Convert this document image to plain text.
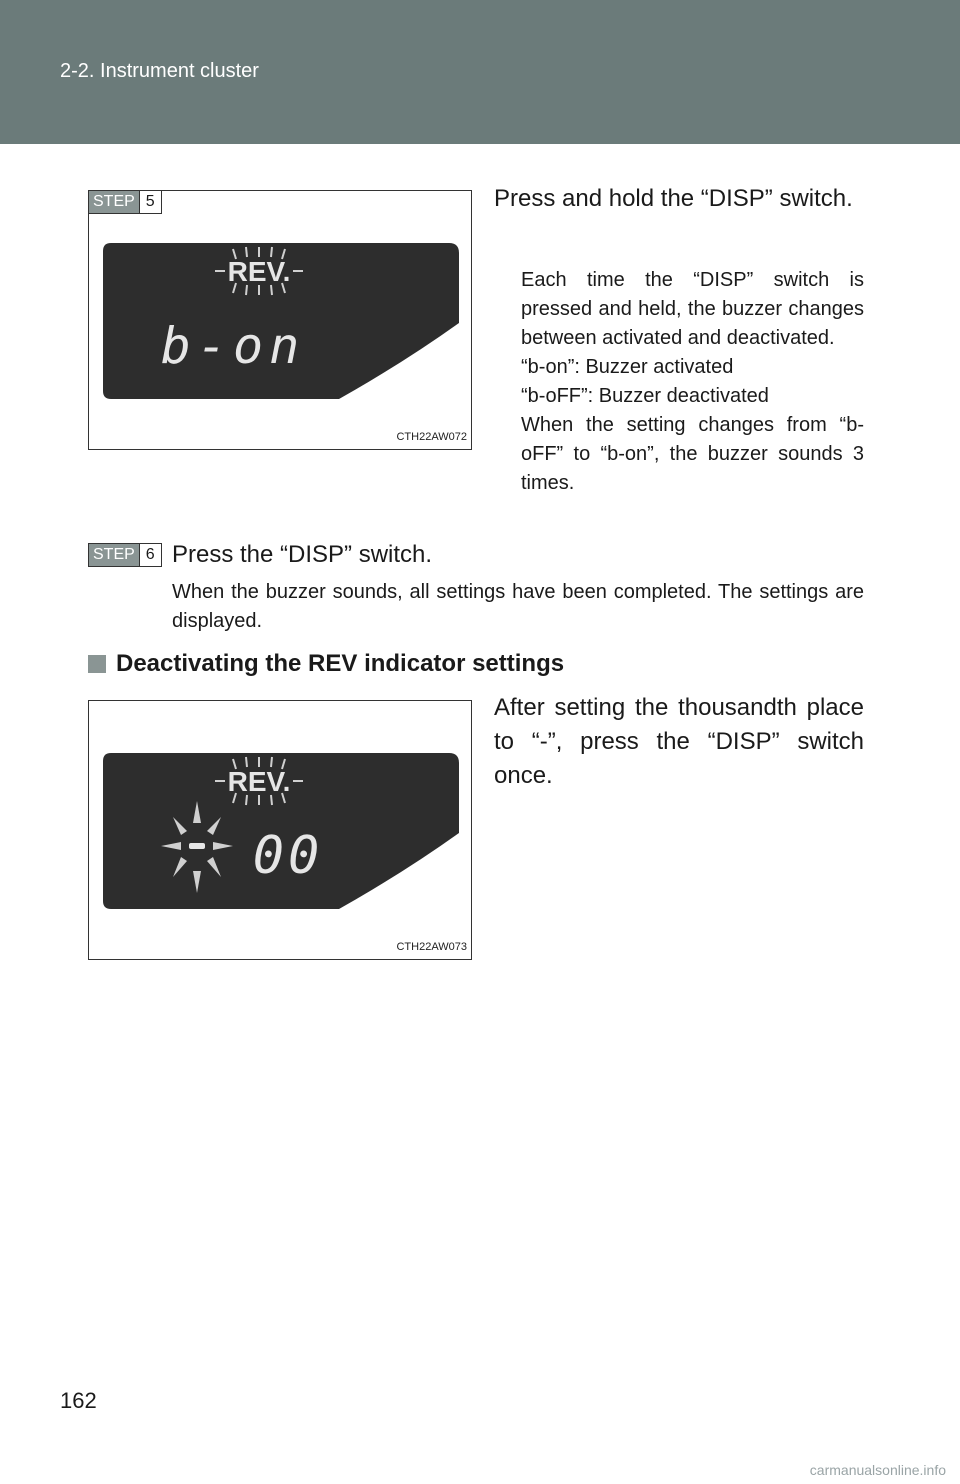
2-2. Instrument cluster
STEP 5
REV.
b-on
CTH22AW072
Press and hold the “DISP” switch.
Each time the “DISP” switch is pressed and held, the buzzer changes between activated and deactivated.
“b-on”: Buzzer activated
“b-oFF”: Buzzer deactivated
When the setting changes from “b-oFF” to “b-on”, the buzzer sounds 3 times.
STEP 6 Press the “DISP” switch.
When the buzzer sounds, all settings have been completed. The settings are displayed.
Deactivating the REV indicator settings
REV.
00
CTH22AW073
After setting the thousandth place to “-”, press the “DISP” switch once.
162
carmanualsonline.info
